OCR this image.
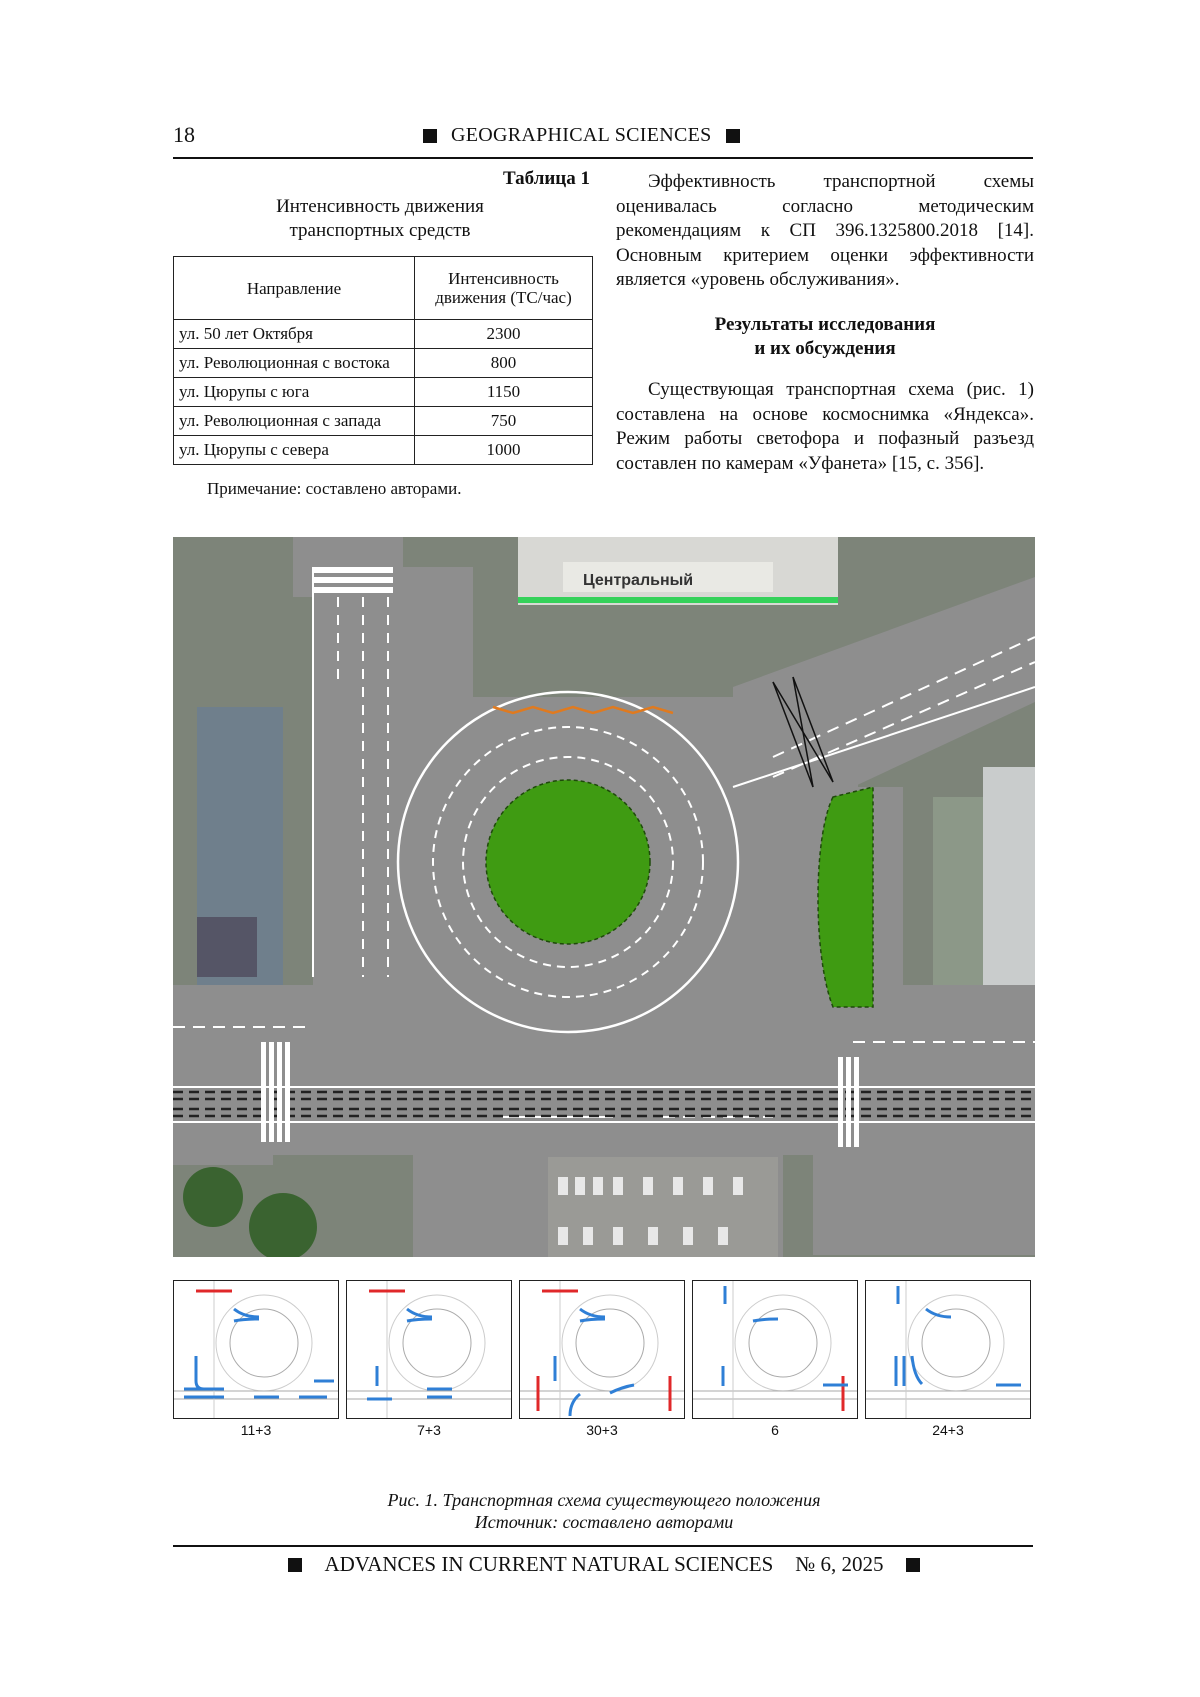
18	GEOGRAPHICAL SCIENCES
Таблица 1
Интенсивность движения
транспортных средств
Направление	Интенсивность движения (ТС/час)
ул. 50 лет Октября	2300
ул. Революционная с востока	800
ул. Цюрупы с юга	1150
ул. Революционная с запада	750
ул. Цюрупы с севера	1000
Примечание: составлено авторами.

Эффективность транспортной схемы оценивалась согласно методическим рекомендациям к СП 396.1325800.2018 [14]. Основным критерием оценки эффективности является «уровень обслуживания».

Результаты исследования
и их обсуждения

Существующая транспортная схема (рис. 1) составлена на основе космоснимка «Яндекса». Режим работы светофора и пофазный разъезд составлен по камерам «Уфанета» [15, с. 356].

Центральный
11+3	7+3	30+3	6	24+3
Рис. 1. Транспортная схема существующего положения
Источник: составлено авторами
ADVANCES IN CURRENT NATURAL SCIENCES № 6, 2025
